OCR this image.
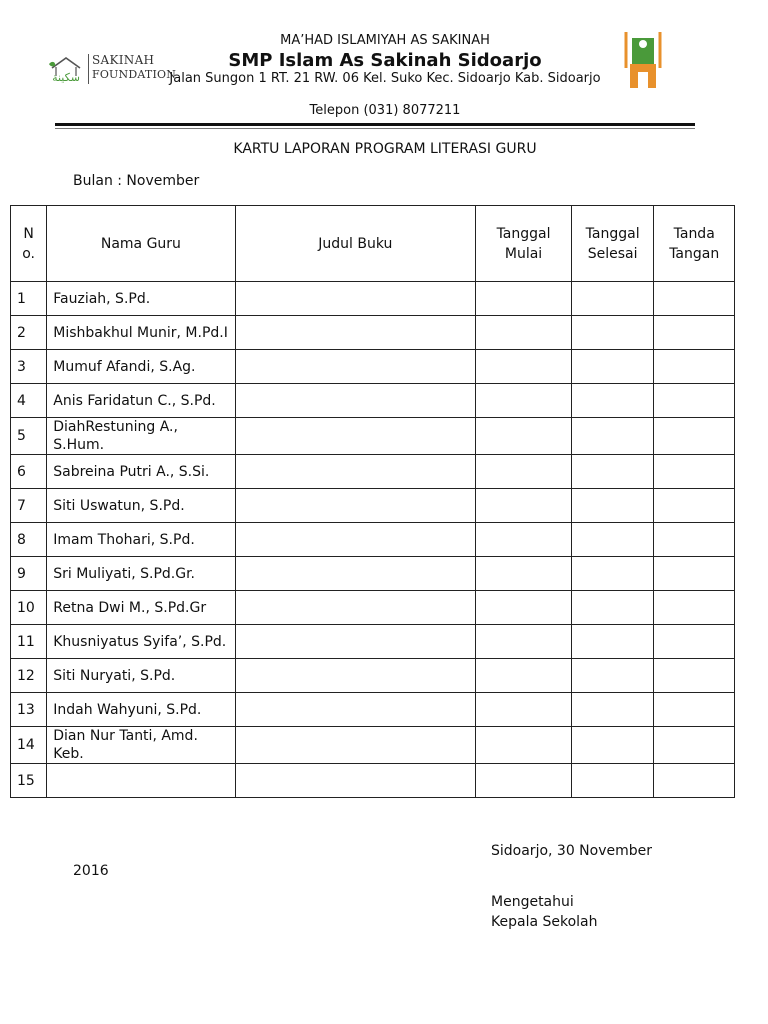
سكينة
SAKINAH
FOUNDATION
MA’HAD ISLAMIYAH AS SAKINAH
SMP Islam As Sakinah Sidoarjo
Jalan Sungon 1 RT. 21 RW. 06 Kel. Suko Kec. Sidoarjo Kab. Sidoarjo
Telepon (031) 8077211
KARTU LAPORAN PROGRAM LITERASI GURU
Bulan : November
N o.	Nama Guru	Judul Buku	Tanggal Mulai	Tanggal Selesai	Tanda Tangan
1	Fauziah, S.Pd.				
2	Mishbakhul Munir, M.Pd.I				
3	Mumuf Afandi, S.Ag.				
4	Anis Faridatun C., S.Pd.				
5	DiahRestuning A., S.Hum.				
6	Sabreina Putri A., S.Si.				
7	Siti Uswatun, S.Pd.				
8	Imam Thohari, S.Pd.				
9	Sri Muliyati, S.Pd.Gr.				
10	Retna Dwi M., S.Pd.Gr				
11	Khusniyatus Syifa’, S.Pd.				
12	Siti Nuryati, S.Pd.				
13	Indah Wahyuni, S.Pd.				
14	Dian Nur Tanti, Amd. Keb.				
15					
Sidoarjo, 30 November
2016
Mengetahui
Kepala Sekolah
